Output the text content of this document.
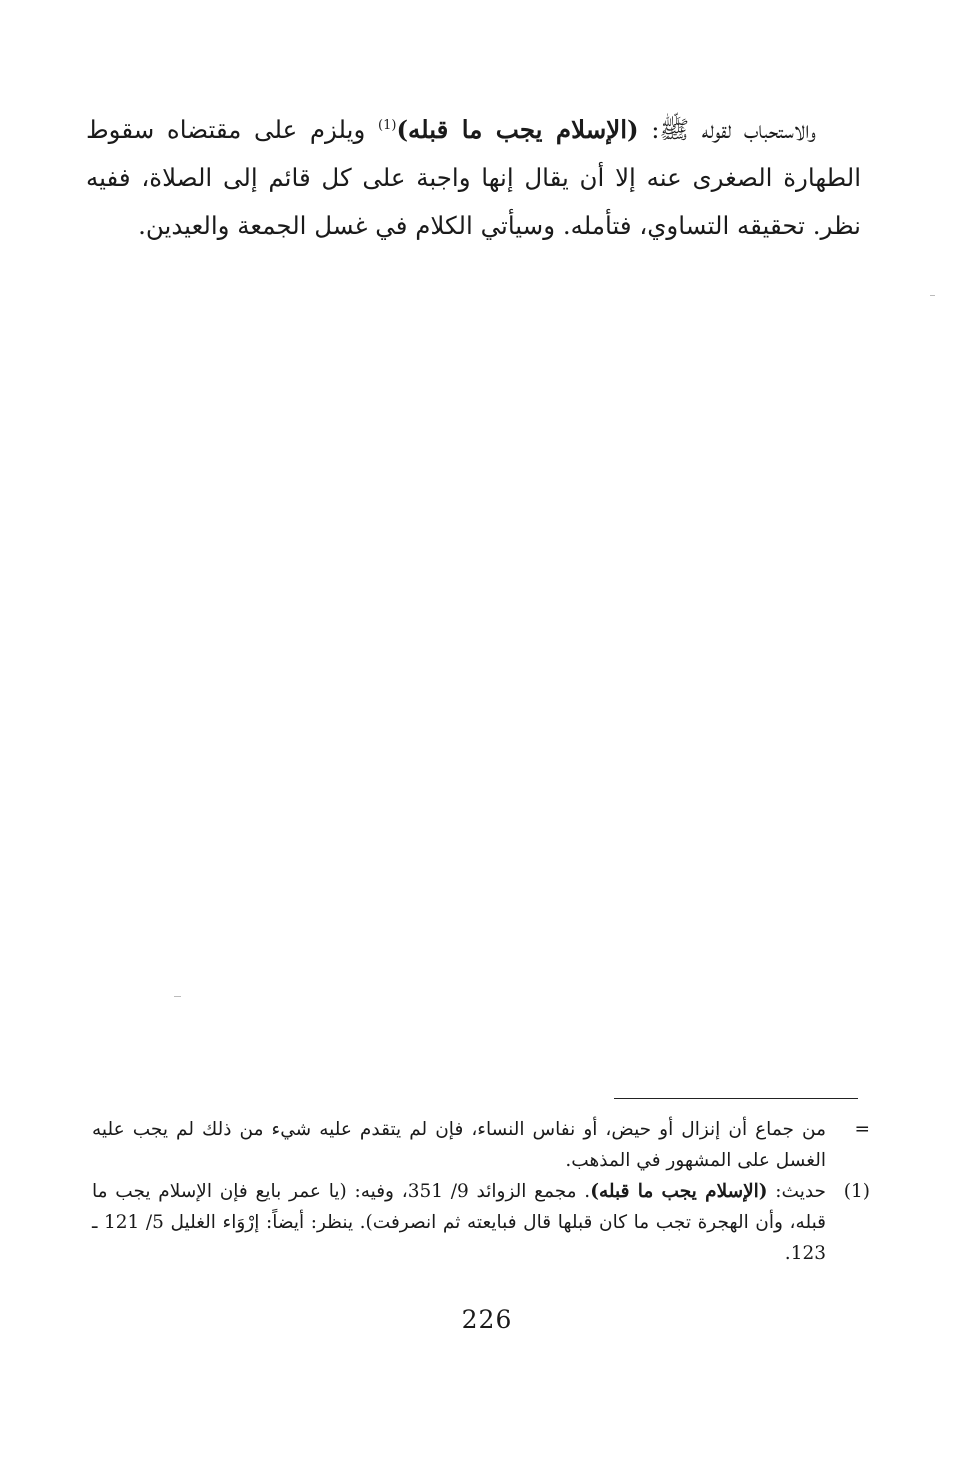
والاستحباب لقوله ﷺ: (الإسلام يجب ما قبله)$^{(1)}$ ويلزم على مقتضاه سقوط الطهارة الصغرى عنه إلا أن يقال إنها واجبة على كل قائم إلى الصلاة، ففيه نظر. تحقيقه التساوي، فتأمله. وسيأتي الكلام في غسل الجمعة والعيدين.

=
من جماع أن إنزال أو حيض، أو نفاس النساء، فإن لم يتقدم عليه شيء من ذلك لم يجب عليه الغسل على المشهور في المذهب.
(1)
حديث: (الإسلام يجب ما قبله). مجمع الزوائد 9/ 351، وفيه: (يا عمر بايع فإن الإسلام يجب ما قبله، وأن الهجرة تجب ما كان قبلها قال فبايعته ثم انصرفت). ينظر: أيضاً: إرْوَاء الغليل 5/ 121 ـ 123.
226
